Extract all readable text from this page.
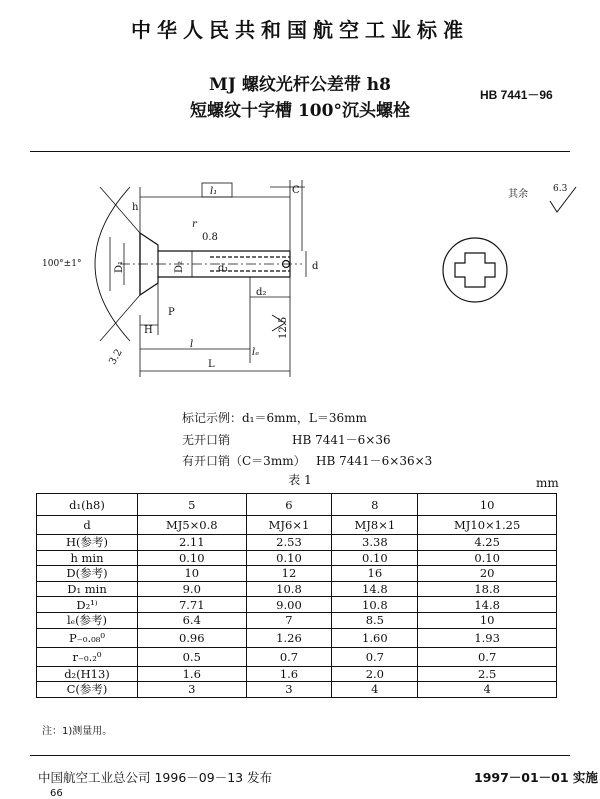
中华人民共和国航空工业标准
MJ 螺纹光杆公差带 h8
短螺纹十字槽 100°沉头螺栓
HB 7441－96
l₁	C
h
r
0.8
D₁	D₂	d₁	d
d₂
P
H
l
lₑ
L
12.5
3.2
100°±1°
其余	6.3
标记示例：d₁＝6mm，L＝36mm
无开口销	HB 7441－6×36
有开口销（C＝3mm） HB 7441－6×36×3
表 1	mm
d₁(h8)	5	6	8	10
d	MJ5×0.8	MJ6×1	MJ8×1	MJ10×1.25
H(参考)	2.11	2.53	3.38	4.25
h min	0.10	0.10	0.10	0.10
D(参考)	10	12	16	20
D₁ min	9.0	10.8	14.8	18.8
D₂¹⁾	7.71	9.00	10.8	14.8
lₑ(参考)	6.4	7	8.5	10
P₋₀.₀₈⁰	0.96	1.26	1.60	1.93
r₋₀.₂⁰	0.5	0.7	0.7	0.7
d₂(H13)	1.6	1.6	2.0	2.5
C(参考)	3	3	4	4
注：1)测量用。
中国航空工业总公司 1996－09－13 发布	1997－01－01 实施
66
